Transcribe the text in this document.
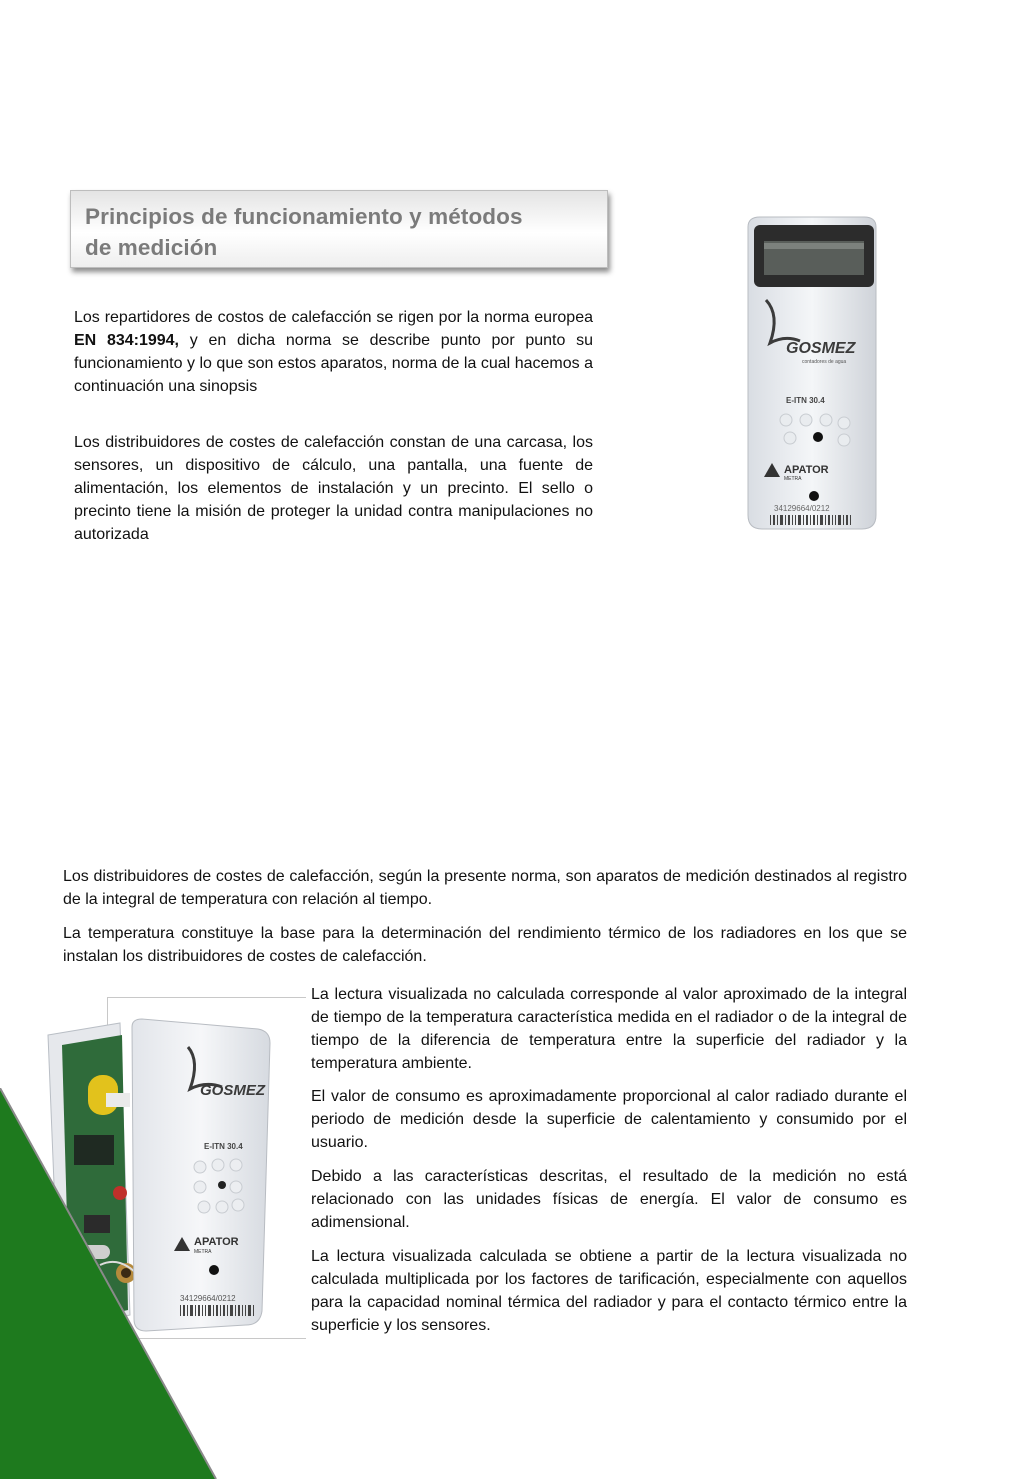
Principios de funcionamiento y métodos
de medición

Los repartidores de costos de calefacción se rigen por la norma europea EN 834:1994, y en dicha norma se describe punto por punto su funcionamiento y lo que son estos aparatos, norma de la cual hacemos a continuación una sinopsis

Los distribuidores de costes de calefacción constan de una carcasa, los sensores, un dispositivo de cálculo, una pantalla, una fuente de alimentación, los elementos de instalación y un precinto. El sello o precinto tiene la misión de proteger la unidad contra manipulaciones no autorizada

GOSMEZ
contadores de agua
E-ITN 30.4
APATOR
METRA
34129664/0212

Los distribuidores de costes de calefacción, según la presente norma, son aparatos de medición destinados al registro de la integral de temperatura con relación al tiempo.

La temperatura constituye la base para la determinación del rendimiento térmico de los radiadores en los que se instalan los distribuidores de costes de calefacción.

GOSMEZ
E-ITN 30.4
APATOR
METRA
34129664/0212

La lectura visualizada no calculada corresponde al valor aproximado de la integral de tiempo de la temperatura característica medida en el radiador o de la integral de tiempo de la diferencia de temperatura entre la superficie del radiador y la temperatura ambiente.

El valor de consumo es aproximadamente proporcional al calor radiado durante el periodo de medición desde la superficie de calentamiento y consumido por el usuario.

Debido a las características descritas, el resultado de la medición no está relacionado con las unidades físicas de energía. El valor de consumo es adimensional.

La lectura visualizada calculada se obtiene a partir de la lectura visualizada no calculada multiplicada por los factores de tarificación, especialmente con aquellos para la capacidad nominal térmica del radiador y para el contacto térmico entre la superficie y los sensores.
